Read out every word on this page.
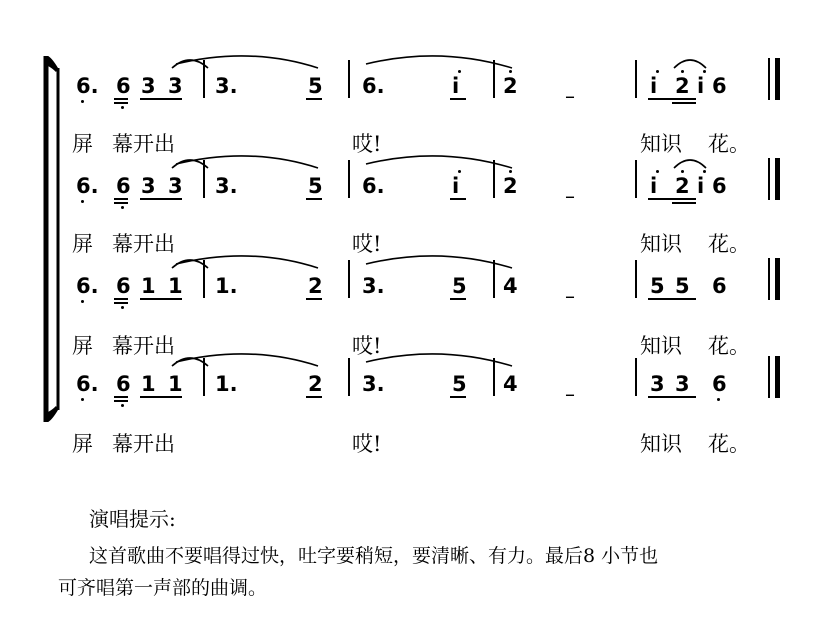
6. 6 3 3 3.	5 6.	i 2 –	i 2 i 6
屏 幕开出	哎!	知识 花。
6. 6 3 3 3.	5 6.	i 2 –	i 2 i 6
屏 幕开出	哎!	知识 花。
6. 6 1 1 1.	2 3.	5 4 –	5 5 6
屏 幕开出	哎!	知识 花。
6. 6 1 1 1.	2 3.	5 4 –	3 3 6
屏 幕开出	哎!	知识 花。
演唱提示:
这首歌曲不要唱得过快，吐字要稍短，要清晰、有力。最后8 小节也
可齐唱第一声部的曲调。
